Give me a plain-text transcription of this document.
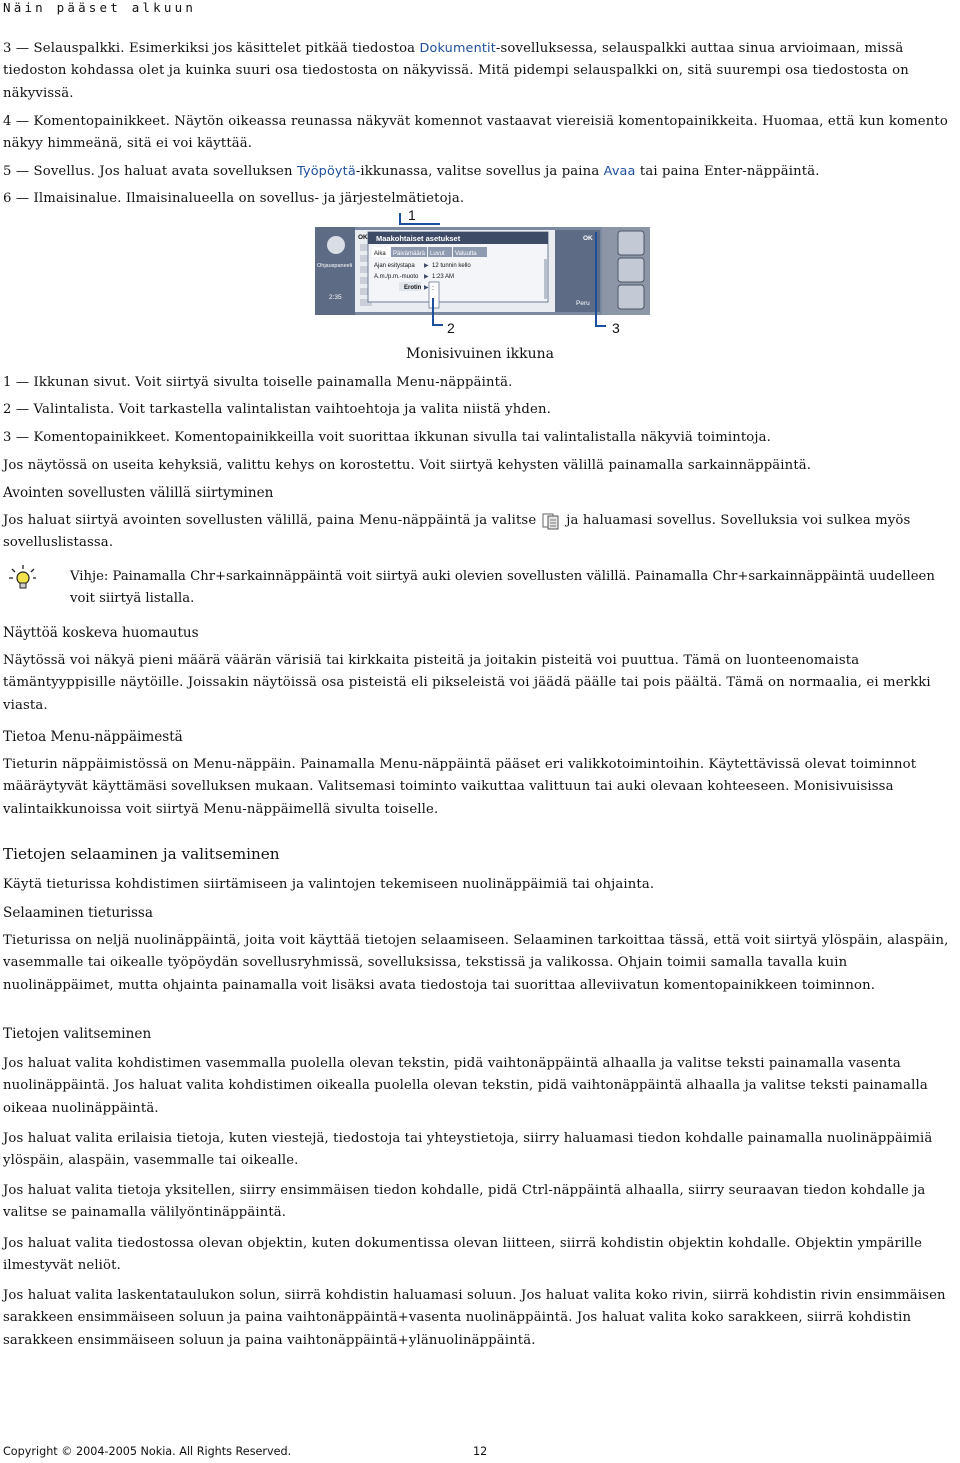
Näin pääset alkuun

3 — Selauspalkki. Esimerkiksi jos käsittelet pitkää tiedostoa Dokumentit-sovelluksessa, selauspalkki auttaa sinua arvioimaan, missä tiedoston kohdassa olet ja kuinka suuri osa tiedostosta on näkyvissä. Mitä pidempi selauspalkki on, sitä suurempi osa tiedostosta on näkyvissä.

4 — Komentopainikkeet. Näytön oikeassa reunassa näkyvät komennot vastaavat viereisiä komentopainikkeita. Huomaa, että kun komento näkyy himmeänä, sitä ei voi käyttää.

5 — Sovellus. Jos haluat avata sovelluksen Työpöytä-ikkunassa, valitse sovellus ja paina Avaa tai paina Enter-näppäintä.

6 — Ilmaisinalue. Ilmaisinalueella on sovellus- ja järjestelmätietoja.

1
Ohjauspaneeli
2:35
OK Maakohtaiset asetukset
Aika Päivämäärä Luvut Valuutta
Ajan esitystapa ▶ 12 tunnin kello
A.m./p.m.-muoto ▶ 1:23 AM
Erotin ▶ :
OK
Peru
2	3
Monisivuinen ikkuna

1 — Ikkunan sivut. Voit siirtyä sivulta toiselle painamalla Menu-näppäintä.

2 — Valintalista. Voit tarkastella valintalistan vaihtoehtoja ja valita niistä yhden.

3 — Komentopainikkeet. Komentopainikkeilla voit suorittaa ikkunan sivulla tai valintalistalla näkyviä toimintoja.

Jos näytössä on useita kehyksiä, valittu kehys on korostettu. Voit siirtyä kehysten välillä painamalla sarkainnäppäintä.

Avointen sovellusten välillä siirtyminen

Jos haluat siirtyä avointen sovellusten välillä, paina Menu-näppäintä ja valitse ja haluamasi sovellus. Sovelluksia voi sulkea myös sovelluslistassa.

Vihje: Painamalla Chr+sarkainnäppäintä voit siirtyä auki olevien sovellusten välillä. Painamalla Chr+sarkainnäppäintä uudelleen voit siirtyä listalla.

Näyttöä koskeva huomautus

Näytössä voi näkyä pieni määrä väärän värisiä tai kirkkaita pisteitä ja joitakin pisteitä voi puuttua. Tämä on luonteenomaista tämäntyyppisille näytöille. Joissakin näytöissä osa pisteistä eli pikseleistä voi jäädä päälle tai pois päältä. Tämä on normaalia, ei merkki viasta.

Tietoa Menu-näppäimestä

Tieturin näppäimistössä on Menu-näppäin. Painamalla Menu-näppäintä pääset eri valikkotoimintoihin. Käytettävissä olevat toiminnot määräytyvät käyttämäsi sovelluksen mukaan. Valitsemasi toiminto vaikuttaa valittuun tai auki olevaan kohteeseen. Monisivuisissa valintaikkunoissa voit siirtyä Menu-näppäimellä sivulta toiselle.

Tietojen selaaminen ja valitseminen

Käytä tieturissa kohdistimen siirtämiseen ja valintojen tekemiseen nuolinäppäimiä tai ohjainta.

Selaaminen tieturissa

Tieturissa on neljä nuolinäppäintä, joita voit käyttää tietojen selaamiseen. Selaaminen tarkoittaa tässä, että voit siirtyä ylöspäin, alaspäin, vasemmalle tai oikealle työpöydän sovellusryhmissä, sovelluksissa, tekstissä ja valikossa. Ohjain toimii samalla tavalla kuin nuolinäppäimet, mutta ohjainta painamalla voit lisäksi avata tiedostoja tai suorittaa alleviivatun komentopainikkeen toiminnon.

Tietojen valitseminen

Jos haluat valita kohdistimen vasemmalla puolella olevan tekstin, pidä vaihtonäppäintä alhaalla ja valitse teksti painamalla vasenta nuolinäppäintä. Jos haluat valita kohdistimen oikealla puolella olevan tekstin, pidä vaihtonäppäintä alhaalla ja valitse teksti painamalla oikeaa nuolinäppäintä.

Jos haluat valita erilaisia tietoja, kuten viestejä, tiedostoja tai yhteystietoja, siirry haluamasi tiedon kohdalle painamalla nuolinäppäimiä ylöspäin, alaspäin, vasemmalle tai oikealle.

Jos haluat valita tietoja yksitellen, siirry ensimmäisen tiedon kohdalle, pidä Ctrl-näppäintä alhaalla, siirry seuraavan tiedon kohdalle ja valitse se painamalla välilyöntinäppäintä.

Jos haluat valita tiedostossa olevan objektin, kuten dokumentissa olevan liitteen, siirrä kohdistin objektin kohdalle. Objektin ympärille ilmestyvät neliöt.

Jos haluat valita laskentataulukon solun, siirrä kohdistin haluamasi soluun. Jos haluat valita koko rivin, siirrä kohdistin rivin ensimmäisen sarakkeen ensimmäiseen soluun ja paina vaihtonäppäintä+vasenta nuolinäppäintä. Jos haluat valita koko sarakkeen, siirrä kohdistin sarakkeen ensimmäiseen soluun ja paina vaihtonäppäintä+ylänuolinäppäintä.

Copyright © 2004-2005 Nokia. All Rights Reserved.	12
